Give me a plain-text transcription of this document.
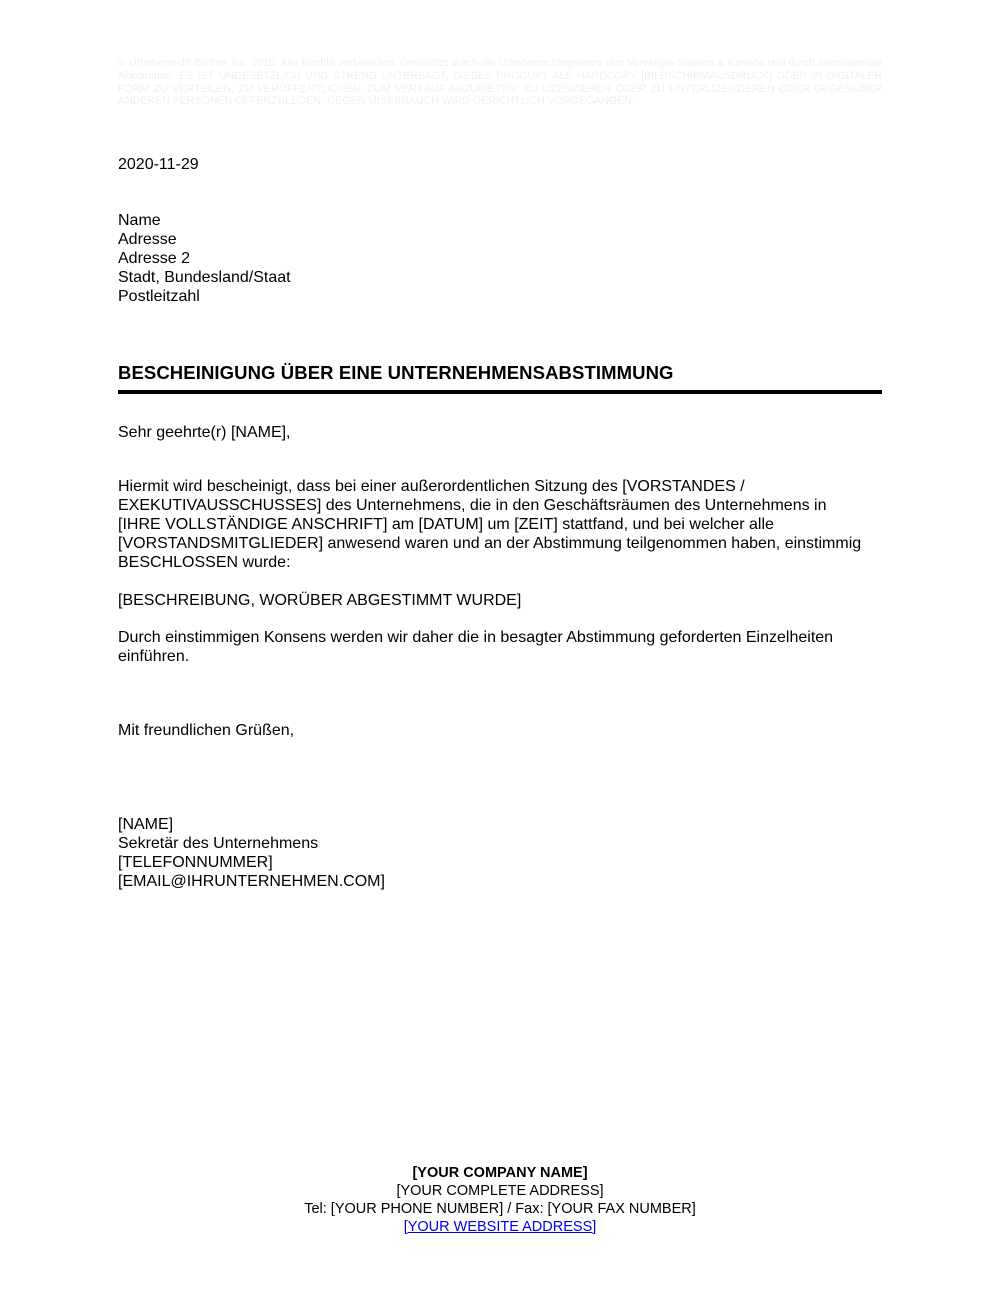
© Urheberrecht Bizfree Inc. 2010. Alle Rechte vorbehalten. Geschützt durch die Urheberrechtsgesetze des Vereinigte Staaten & Kanada und durch internationale Abkommen. ES IST UNGESETZLICH UND STRENG UNTERSAGT, DIESES PRODUKT ALS HARDCOPY [BILDSCHIRMAUSDRUCK] ODER IN DIGITALER FORM ZU VERTEILEN, ZU VERÖFFENTLICHEN, ZUM VERKAUF ANZUBIETEN, ZU LIZENZIEREN ODER ZU UNTERLIZENZIEREN ODER GEGENÜBER ANDEREN PERSONEN OFFENZULEGEN. GEGEN MISSBRAUCH WIRD GERICHTLICH VORGEGANGEN.
2020-11-29
Name
Adresse
Adresse 2
Stadt, Bundesland/Staat
Postleitzahl
BESCHEINIGUNG ÜBER EINE UNTERNEHMENSABSTIMMUNG
Sehr geehrte(r) [NAME],
Hiermit wird bescheinigt, dass bei einer außerordentlichen Sitzung des [VORSTANDES /
EXEKUTIVAUSSCHUSSES] des Unternehmens, die in den Geschäftsräumen des Unternehmens in
[IHRE VOLLSTÄNDIGE ANSCHRIFT] am [DATUM] um [ZEIT] stattfand, und bei welcher alle
[VORSTANDSMITGLIEDER] anwesend waren und an der Abstimmung teilgenommen haben, einstimmig
BESCHLOSSEN wurde:
[BESCHREIBUNG, WORÜBER ABGESTIMMT WURDE]
Durch einstimmigen Konsens werden wir daher die in besagter Abstimmung geforderten Einzelheiten
einführen.
Mit freundlichen Grüßen,
[NAME]
Sekretär des Unternehmens
[TELEFONNUMMER]
[EMAIL@IHRUNTERNEHMEN.COM]
[YOUR COMPANY NAME]
[YOUR COMPLETE ADDRESS]
Tel: [YOUR PHONE NUMBER] / Fax: [YOUR FAX NUMBER]
[YOUR WEBSITE ADDRESS]
